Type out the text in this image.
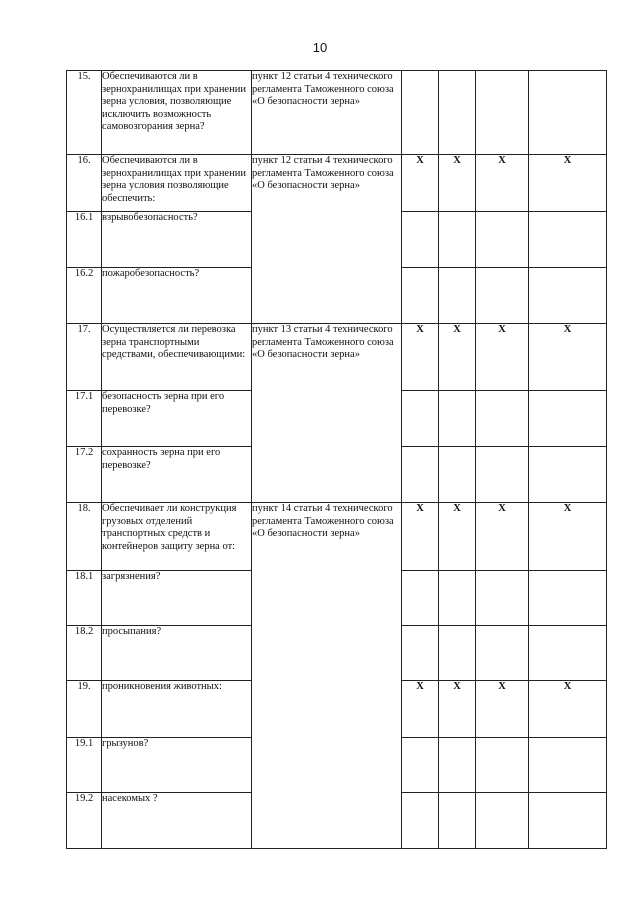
10
15.	Обеспечиваются ли в зернохранилищах при хранении зерна условия, позволяющие исключить возможность самовозгорания зерна?	пункт 12 статьи 4 технического регламента Таможенного союза «О безопасности зерна»				
16.	Обеспечиваются ли в зернохранилищах при хранении зерна условия позволяющие обеспечить:	пункт 12 статьи 4 технического регламента Таможенного союза «О безопасности зерна»	X	X	X	X
16.1	взрывобезопасность?					
16.2	пожаробезопасность?					
17.	Осуществляется ли перевозка зерна транспортными средствами, обеспечивающими:	пункт 13 статьи 4 технического регламента Таможенного союза «О безопасности зерна»	X	X	X	X
17.1	безопасность зерна при его перевозке?					
17.2	сохранность зерна при его перевозке?					
18.	Обеспечивает ли конструкция грузовых отделений транспортных средств и контейнеров защиту зерна от:	пункт 14 статьи 4 технического регламента Таможенного союза «О безопасности зерна»	X	X	X	X
18.1	загрязнения?					
18.2	просыпания?					
19.	проникновения животных:		X	X	X	X
19.1	грызунов?					
19.2	насекомых ?					
